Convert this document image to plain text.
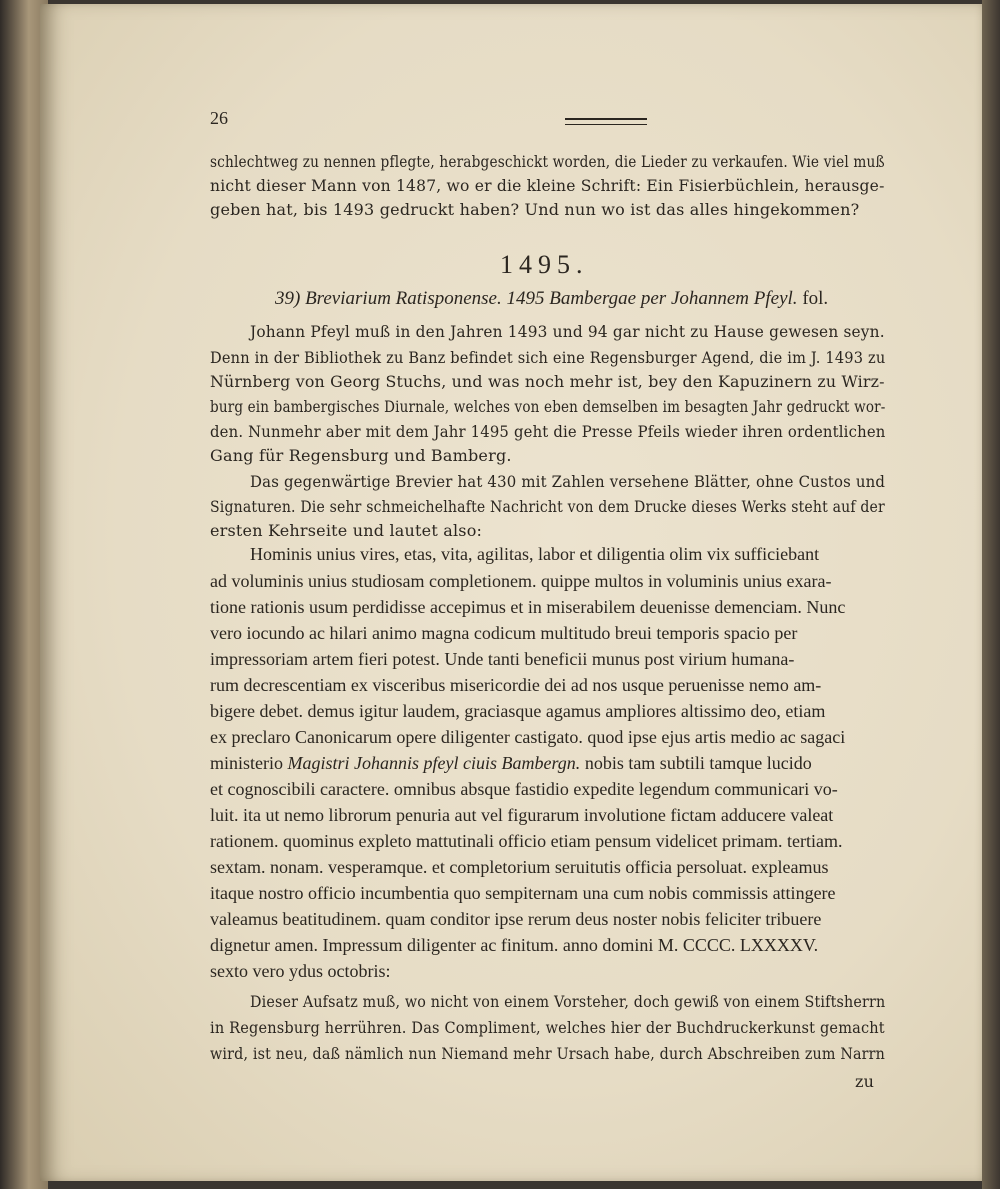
26
schlechtweg zu nennen pflegte, herabgeschickt worden, die Lieder zu verkaufen. Wie viel muß
nicht dieser Mann von 1487, wo er die kleine Schrift: Ein Fisierbüchlein, herausge-
geben hat, bis 1493 gedruckt haben? Und nun wo ist das alles hingekommen?
1495.
39) Breviarium Ratisponense. 1495 Bambergae per Johannem Pfeyl. fol.
Johann Pfeyl muß in den Jahren 1493 und 94 gar nicht zu Hause gewesen seyn.
Denn in der Bibliothek zu Banz befindet sich eine Regensburger Agend, die im J. 1493 zu
Nürnberg von Georg Stuchs, und was noch mehr ist, bey den Kapuzinern zu Wirz-
burg ein bambergisches Diurnale, welches von eben demselben im besagten Jahr gedruckt wor-
den. Nunmehr aber mit dem Jahr 1495 geht die Presse Pfeils wieder ihren ordentlichen
Gang für Regensburg und Bamberg.
Das gegenwärtige Brevier hat 430 mit Zahlen versehene Blätter, ohne Custos und
Signaturen. Die sehr schmeichelhafte Nachricht von dem Drucke dieses Werks steht auf der
ersten Kehrseite und lautet also:
Hominis unius vires, etas, vita, agilitas, labor et diligentia olim vix sufficiebant
ad voluminis unius studiosam completionem. quippe multos in voluminis unius exara-
tione rationis usum perdidisse accepimus et in miserabilem deuenisse demenciam. Nunc
vero iocundo ac hilari animo magna codicum multitudo breui temporis spacio per
impressoriam artem fieri potest. Unde tanti beneficii munus post virium humana-
rum decrescentiam ex visceribus misericordie dei ad nos usque peruenisse nemo am-
bigere debet. demus igitur laudem, graciasque agamus ampliores altissimo deo, etiam
ex preclaro Canonicarum opere diligenter castigato. quod ipse ejus artis medio ac sagaci
ministerio Magistri Johannis pfeyl ciuis Bambergn. nobis tam subtili tamque lucido
et cognoscibili caractere. omnibus absque fastidio expedite legendum communicari vo-
luit. ita ut nemo librorum penuria aut vel figurarum involutione fictam adducere valeat
rationem. quominus expleto mattutinali officio etiam pensum videlicet primam. tertiam.
sextam. nonam. vesperamque. et completorium seruitutis officia persoluat. expleamus
itaque nostro officio incumbentia quo sempiternam una cum nobis commissis attingere
valeamus beatitudinem. quam conditor ipse rerum deus noster nobis feliciter tribuere
dignetur amen. Impressum diligenter ac finitum. anno domini M. CCCC. LXXXXV.
sexto vero ydus octobris:
Dieser Aufsatz muß, wo nicht von einem Vorsteher, doch gewiß von einem Stiftsherrn
in Regensburg herrühren. Das Compliment, welches hier der Buchdruckerkunst gemacht
wird, ist neu, daß nämlich nun Niemand mehr Ursach habe, durch Abschreiben zum Narrn
zu
